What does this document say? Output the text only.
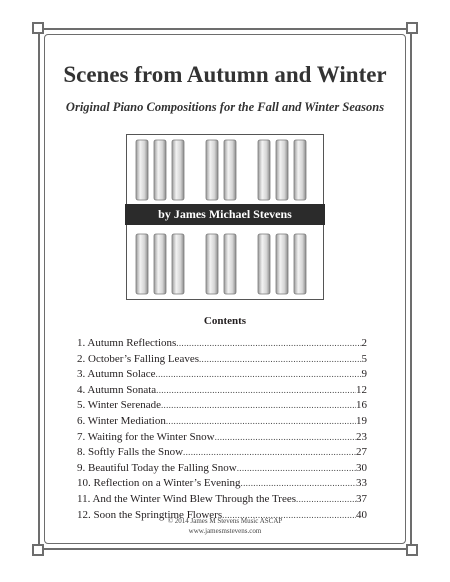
Scenes from Autumn and Winter
Original Piano Compositions for the Fall and Winter Seasons
by James Michael Stevens
Contents
1. Autumn Reflections .....	2
2. October’s Falling Leaves .....	5
3. Autumn Solace .....	9
4. Autumn Sonata .....	12
5. Winter Serenade .....	16
6. Winter Mediation .....	19
7. Waiting for the Winter Snow .....	23
8. Softly Falls the Snow .....	27
9. Beautiful Today the Falling Snow .....	30
10. Reflection on a Winter’s Evening .....	33
11. And the Winter Wind Blew Through the Trees .....	37
12. Soon the Springtime Flowers .....	40
© 2014 James M Stevens Music ASCAP
www.jamesmstevens.com
